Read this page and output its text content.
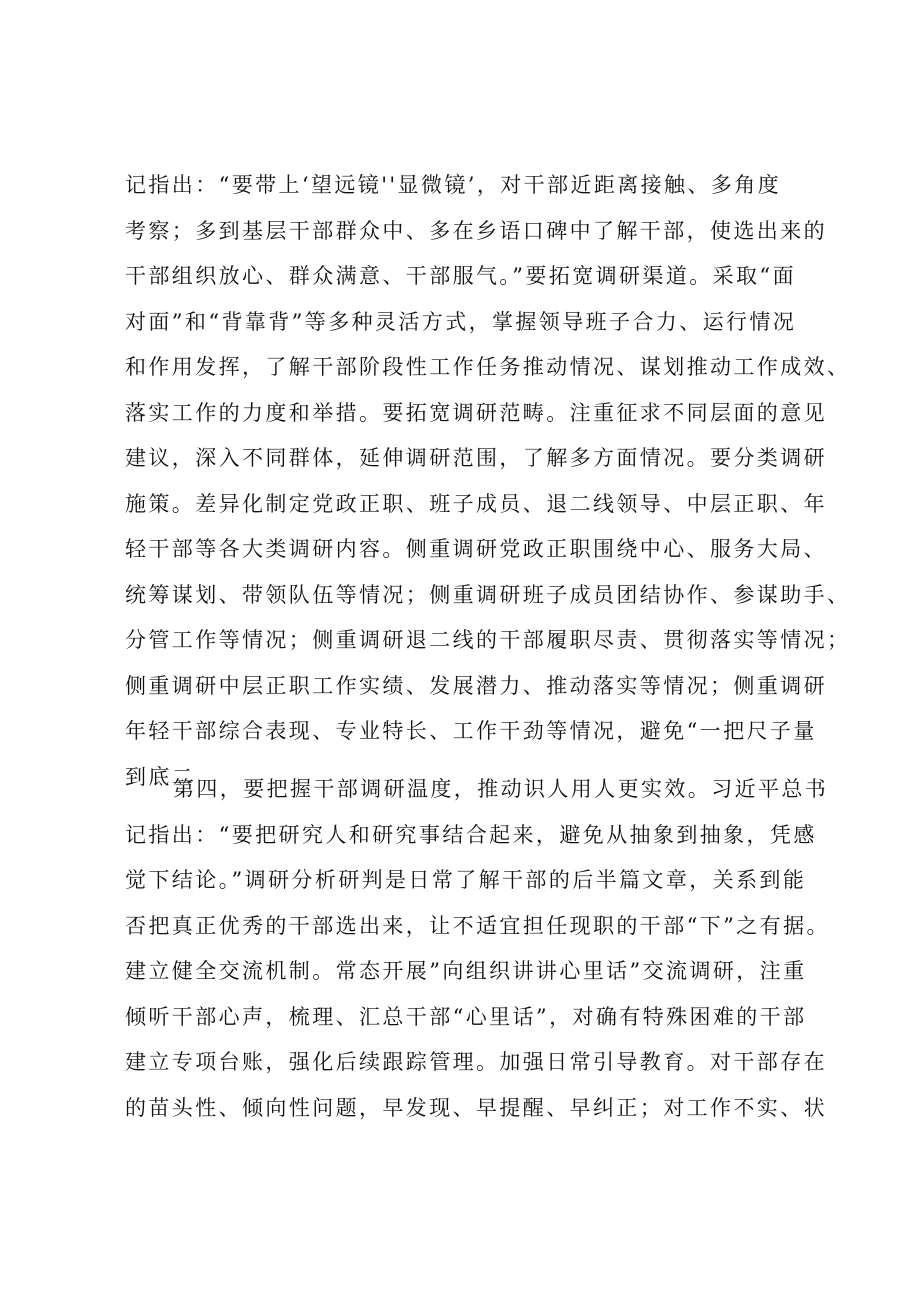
记指出：“要带上‘望远镜''显微镜’，对干部近距离接触、多角度
考察；多到基层干部群众中、多在乡语口碑中了解干部，使选出来的
干部组织放心、群众满意、干部服气。”要拓宽调研渠道。采取“面
对面”和“背靠背”等多种灵活方式，掌握领导班子合力、运行情况
和作用发挥，了解干部阶段性工作任务推动情况、谋划推动工作成效、
落实工作的力度和举措。要拓宽调研范畴。注重征求不同层面的意见
建议，深入不同群体，延伸调研范围，了解多方面情况。要分类调研
施策。差异化制定党政正职、班子成员、退二线领导、中层正职、年
轻干部等各大类调研内容。侧重调研党政正职围绕中心、服务大局、
统筹谋划、带领队伍等情况；侧重调研班子成员团结协作、参谋助手、
分管工作等情况；侧重调研退二线的干部履职尽责、贯彻落实等情况；
侧重调研中层正职工作实绩、发展潜力、推动落实等情况；侧重调研
年轻干部综合表现、专业特长、工作干劲等情况，避免“一把尺子量
到底二
第四，要把握干部调研温度，推动识人用人更实效。习近平总书
记指出：“要把研究人和研究事结合起来，避免从抽象到抽象，凭感
觉下结论。”调研分析研判是日常了解干部的后半篇文章，关系到能
否把真正优秀的干部选出来，让不适宜担任现职的干部“下”之有据。
建立健全交流机制。常态开展”向组织讲讲心里话”交流调研，注重
倾听干部心声，梳理、汇总干部“心里话”，对确有特殊困难的干部
建立专项台账，强化后续跟踪管理。加强日常引导教育。对干部存在
的苗头性、倾向性问题，早发现、早提醒、早纠正；对工作不实、状
